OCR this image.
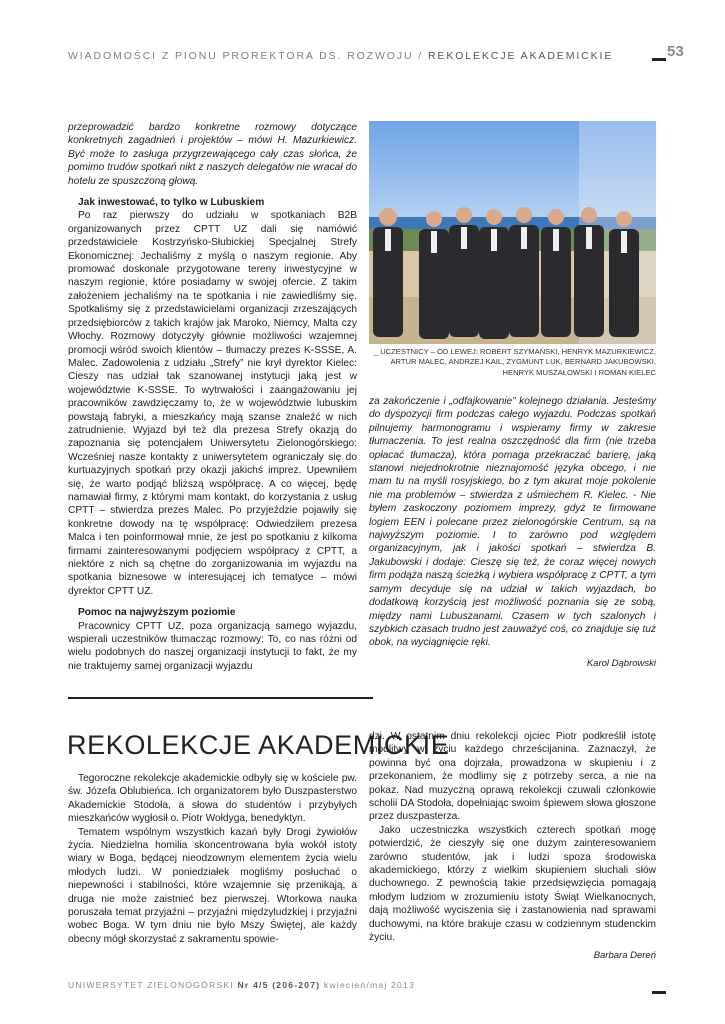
WIADOMOŚCI Z PIONU PROREKTORA DS. ROZWOJU / REKOLEKCJE AKADEMICKIE	53

przeprowadzić bardzo konkretne rozmowy dotyczące konkretnych zagadnień i projektów – mówi H. Mazurkiewicz. Być może to zasługa przygrzewającego cały czas słońca, że pomimo trudów spotkań nikt z naszych delegatów nie wracał do hotelu ze spuszczoną głową.

Jak inwestować, to tylko w Lubuskiem

Po raz pierwszy do udziału w spotkaniach B2B organizowanych przez CPTT UZ dali się namówić przedstawiciele Kostrzyńsko-Słubickiej Specjalnej Strefy Ekonomicznej: Jechaliśmy z myślą o naszym regionie. Aby promować doskonale przygotowane tereny inwestycyjne w naszym regionie, które posiadamy w swojej ofercie. Z takim założeniem jechaliśmy na te spotkania i nie zawiedliśmy się. Spotkaliśmy się z przedstawicielami organizacji zrzeszających przedsiębiorców z takich krajów jak Maroko, Niemcy, Malta czy Włochy. Rozmowy dotyczyły głównie możliwości wzajemnej promocji wśród swoich klientów – tłumaczy prezes K-SSSE, A. Malec. Zadowolenia z udziału „Strefy” nie krył dyrektor Kielec: Cieszy nas udział tak szanowanej instytucji jaką jest w województwie K-SSSE. To wytrwałości i zaangażowaniu jej pracowników zawdzięczamy to, że w województwie lubuskim powstają fabryki, a mieszkańcy mają szanse znaleźć w nich zatrudnienie. Wyjazd był też dla prezesa Strefy okazją do zapoznania się potencjałem Uniwersytetu Zielonogórskiego: Wcześniej nasze kontakty z uniwersytetem ograniczały się do kurtuazyjnych spotkań przy okazji jakichś imprez. Upewniłem się, że warto podjąć bliższą współpracę. A co więcej, będę namawiał firmy, z którymi mam kontakt, do korzystania z usług CPTT – stwierdza prezes Malec. Po przyjeździe pojawiły się konkretne dowody na tę współpracę: Odwiedziłem prezesa Malca i ten poinformował mnie, że jest po spotkaniu z kilkoma firmami zainteresowanymi podjęciem współpracy z CPTT, a niektóre z nich są chętne do zorganizowania im wyjazdu na spotkania biznesowe w interesującej ich tematyce – mówi dyrektor CPTT UZ.

Pomoc na najwyższym poziomie

Pracownicy CPTT UZ, poza organizacją samego wyjazdu, wspierali uczestników tłumacząc rozmowy: To, co nas różni od wielu podobnych do naszej organizacji instytucji to fakt, że my nie traktujemy samej organizacji wyjazdu

_ UCZESTNICY – OD LEWEJ: ROBERT SZYMAŃSKI, HENRYK MAZURKIEWICZ, ARTUR MALEC, ANDRZEJ KAIL, ZYGMUNT LUK, BERNARD JAKUBOWSKI, HENRYK MUSZAŁOWSKI I ROMAN KIELEC

za zakończenie i „odfajkowanie” kolejnego działania. Jesteśmy do dyspozycji firm podczas całego wyjazdu. Podczas spotkań pilnujemy harmonogramu i wspieramy firmy w zakresie tłumaczenia. To jest realna oszczędność dla firm (nie trzeba opłacać tłumacza), która pomaga przekraczać barierę, jaką stanowi niejednokrotnie nieznajomość języka obcego, i nie mam tu na myśli rosyjskiego, bo z tym akurat moje pokolenie nie ma problemów – stwierdza z uśmiechem R. Kielec. - Nie byłem zaskoczony poziomem imprezy, gdyż te firmowane logiem EEN i polecane przez zielonogórskie Centrum, są na najwyższym poziomie. I to zarówno pod względem organizacyjnym, jak i jakości spotkań – stwierdza B. Jakubowski i dodaje: Cieszę się też, że coraz więcej nowych firm podąża naszą ścieżką i wybiera współpracę z CPTT, a tym samym decyduje się na udział w takich wyjazdach, bo dodatkową korzyścią jest możliwość poznania się ze sobą, między nami Lubuszanami. Czasem w tych szalonych i szybkich czasach trudno jest zauważyć coś, co znajduje się tuż obok, na wyciągnięcie ręki.

Karol Dąbrowski
REKOLEKCJE AKADEMICKIE

Tegoroczne rekolekcje akademickie odbyły się w kościele pw. św. Józefa Oblubieńca. Ich organizatorem było Duszpasterstwo Akademickie Stodoła, a słowa do studentów i przybyłych mieszkańców wygłosił o. Piotr Wołdyga, benedyktyn.

Tematem wspólnym wszystkich kazań były Drogi żywiołów życia. Niedzielna homilia skoncentrowana była wokół istoty wiary w Boga, będącej nieodzownym elementem życia wielu młodych ludzi. W poniedziałek mogliśmy posłuchać o niepewności i stabilności, które wzajemnie się przenikają, a druga nie może zaistnieć bez pierwszej. Wtorkowa nauka poruszała temat przyjaźni – przyjaźni międzyludzkiej i przyjaźni wobec Boga. W tym dniu nie było Mszy Świętej, ale każdy obecny mógł skorzystać z sakramentu spowie-

dzi. W ostatnim dniu rekolekcji ojciec Piotr podkreślił istotę modlitwy w życiu każdego chrześcijanina. Zaznaczył, że powinna być ona dojrzała, prowadzona w skupieniu i z przekonaniem, że modlimy się z potrzeby serca, a nie na pokaz. Nad muzyczną oprawą rekolekcji czuwali członkowie scholii DA Stodoła, dopełniając swoim śpiewem słowa głoszone przez duszpasterza.

Jako uczestniczka wszystkich czterech spotkań mogę potwierdzić, że cieszyły się one dużym zainteresowaniem zarówno studentów, jak i ludzi spoza środowiska akademickiego, którzy z wielkim skupieniem słuchali słów duchownego. Z pewnością takie przedsięwzięcia pomagają młodym ludziom w zrozumieniu istoty Świąt Wielkanocnych, dają możliwość wyciszenia się i zastanowienia nad sprawami duchowymi, na które brakuje czasu w codziennym studenckim życiu.

Barbara Dereń
UNIWERSYTET ZIELONOGÓRSKI Nr 4/5 (206-207) kwiecień/maj 2013
